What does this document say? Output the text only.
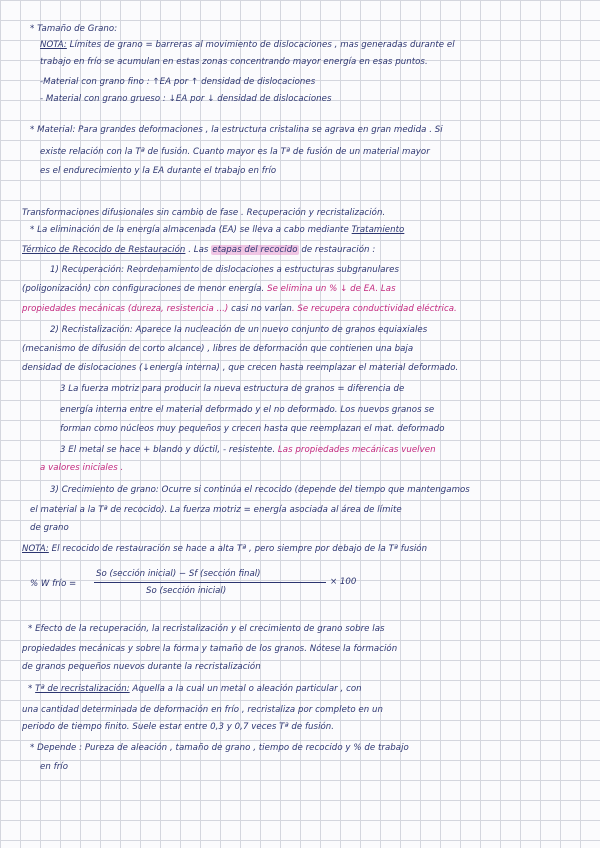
* Tamaño de Grano:
NOTA: Límites de grano = barreras al movimiento de dislocaciones , mas generadas durante el
trabajo en frío se acumulan en estas zonas concentrando mayor energía en esas puntos.
-Material con grano fino : ↑EA por ↑ densidad de dislocaciones
- Material con grano grueso : ↓EA por ↓ densidad de dislocaciones
* Material: Para grandes deformaciones , la estructura cristalina se agrava en gran medida . Si
existe relación con la Tª de fusión. Cuanto mayor es la Tª de fusión de un material mayor
es el endurecimiento y la EA durante el trabajo en frío
Transformaciones difusionales sin cambio de fase . Recuperación y recristalización.
* La eliminación de la energía almacenada (EA) se lleva a cabo mediante Tratamiento
Térmico de Recocido de Restauración . Las etapas del recocido de restauración :
1) Recuperación: Reordenamiento de dislocaciones a estructuras subgranulares
(poligonización) con configuraciones de menor energía. Se elimina un % ↓ de EA. Las
propiedades mecánicas (dureza, resistencia ...) casi no varían. Se recupera conductividad eléctrica.
2) Recristalización: Aparece la nucleación de un nuevo conjunto de granos equiaxiales
(mecanismo de difusión de corto alcance) , libres de deformación que contienen una baja
densidad de dislocaciones (↓energía interna) , que crecen hasta reemplazar el material deformado.
3 La fuerza motriz para producir la nueva estructura de granos = diferencia de
energía interna entre el material deformado y el no deformado. Los nuevos granos se
forman como núcleos muy pequeños y crecen hasta que reemplazan el mat. deformado
3 El metal se hace + blando y dúctil, - resistente. Las propiedades mecánicas vuelven
a valores iniciales .
3) Crecimiento de grano: Ocurre si continúa el recocido (depende del tiempo que mantengamos
el material a la Tª de recocido). La fuerza motriz = energía asociada al área de límite
de grano
NOTA: El recocido de restauración se hace a alta Tª , pero siempre por debajo de la Tª fusión
% W frío =
So (sección inicial) − Sf (sección final)
So (sección inicial)
× 100
* Efecto de la recuperación, la recristalización y el crecimiento de grano sobre las
propiedades mecánicas y sobre la forma y tamaño de los granos. Nótese la formación
de granos pequeños nuevos durante la recristalización
* Tª de recristalización: Aquella a la cual un metal o aleación particular , con
una cantidad determinada de deformación en frío , recristaliza por completo en un
periodo de tiempo finito. Suele estar entre 0,3 y 0,7 veces Tª de fusión.
* Depende : Pureza de aleación , tamaño de grano , tiempo de recocido y % de trabajo
en frío
